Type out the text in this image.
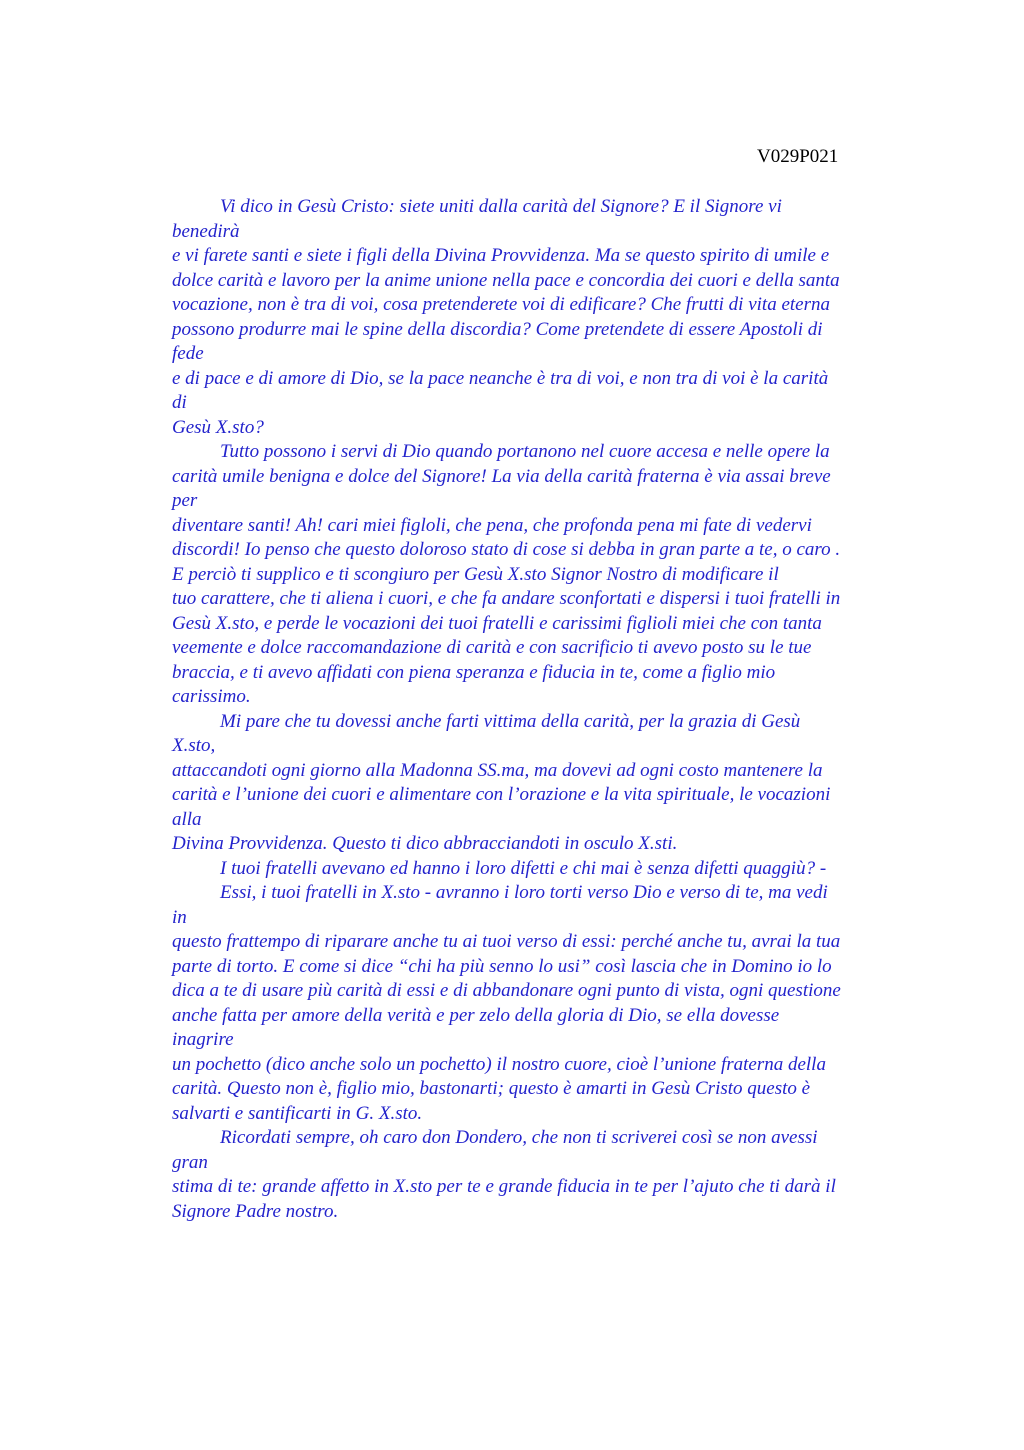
V029P021
Vi dico in Gesù Cristo: siete uniti dalla carità del Signore? E il Signore vi
benedirà
e vi farete santi e siete i figli della Divina Provvidenza. Ma se questo spirito di umile e
dolce carità e lavoro per la anime unione nella pace e concordia dei cuori e della santa
vocazione, non è tra di voi, cosa pretenderete voi di edificare? Che frutti di vita eterna
possono produrre mai le spine della discordia? Come pretendete di essere Apostoli di
fede
e di pace e di amore di Dio, se la pace neanche è tra di voi, e non tra di voi è la carità
di
Gesù X.sto?
Tutto possono i servi di Dio quando portanono nel cuore accesa e nelle opere la
carità umile benigna e dolce del Signore! La via della carità fraterna è via assai breve
per
diventare santi! Ah! cari miei figloli, che pena, che profonda pena mi fate di vedervi
discordi! Io penso che questo doloroso stato di cose si debba in gran parte a te, o caro .
E perciò ti supplico e ti scongiuro per Gesù X.sto Signor Nostro di modificare il
tuo carattere, che ti aliena i cuori, e che fa andare sconfortati e dispersi i tuoi fratelli in
Gesù X.sto, e perde le vocazioni dei tuoi fratelli e carissimi figlioli miei che con tanta
veemente e dolce raccomandazione di carità e con sacrificio ti avevo posto su le tue
braccia, e ti avevo affidati con piena speranza e fiducia in te, come a figlio mio
carissimo.
Mi pare che tu dovessi anche farti vittima della carità, per la grazia di Gesù
X.sto,
attaccandoti ogni giorno alla Madonna SS.ma, ma dovevi ad ogni costo mantenere la
carità e l’unione dei cuori e alimentare con l’orazione e la vita spirituale, le vocazioni
alla
Divina Provvidenza. Questo ti dico abbracciandoti in osculo X.sti.
I tuoi fratelli avevano ed hanno i loro difetti e chi mai è senza difetti quaggiù? -
Essi, i tuoi fratelli in X.sto - avranno i loro torti verso Dio e verso di te, ma vedi
in
questo frattempo di riparare anche tu ai tuoi verso di essi: perché anche tu, avrai la tua
parte di torto. E come si dice “chi ha più senno lo usi” così lascia che in Domino io lo
dica a te di usare più carità di essi e di abbandonare ogni punto di vista, ogni questione
anche fatta per amore della verità e per zelo della gloria di Dio, se ella dovesse
inagrire
un pochetto (dico anche solo un pochetto) il nostro cuore, cioè l’unione fraterna della
carità. Questo non è, figlio mio, bastonarti; questo è amarti in Gesù Cristo questo è
salvarti e santificarti in G. X.sto.
Ricordati sempre, oh caro don Dondero, che non ti scriverei così se non avessi
gran
stima di te: grande affetto in X.sto per te e grande fiducia in te per l’ajuto che ti darà il
Signore Padre nostro.
